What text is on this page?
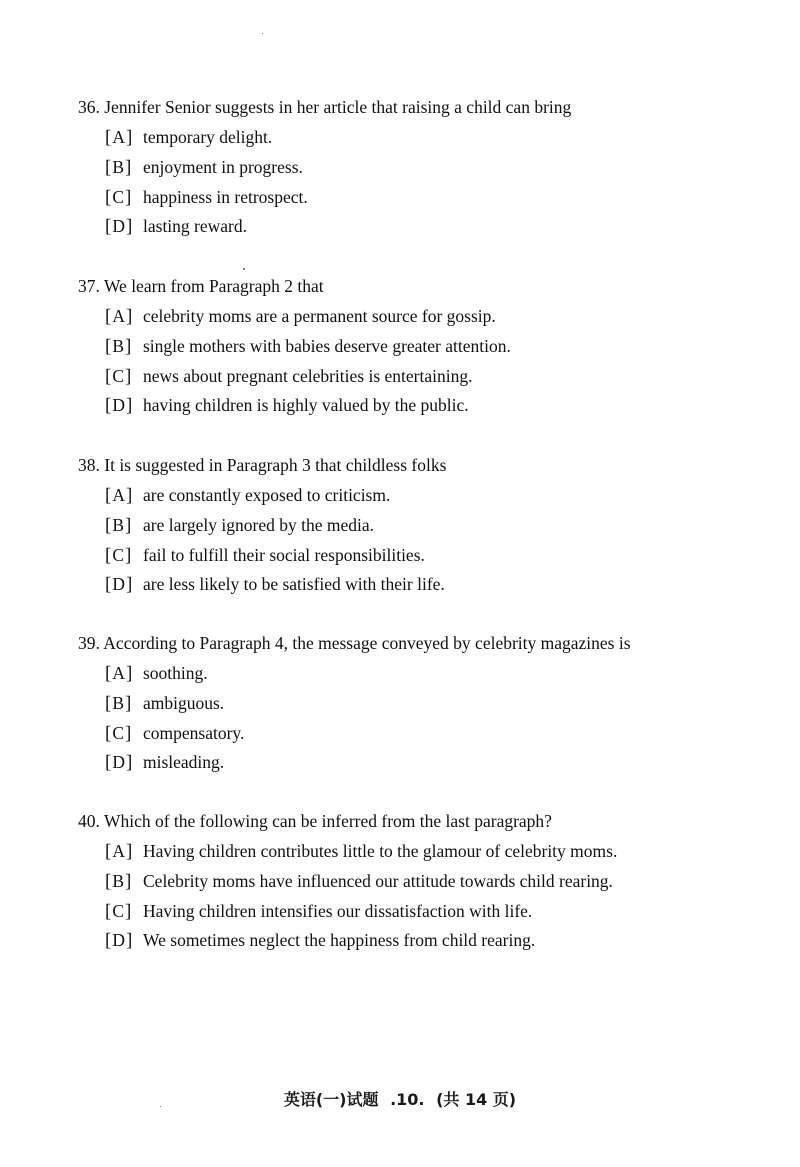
36. Jennifer Senior suggests in her article that raising a child can bring
[A] temporary delight.
[B] enjoyment in progress.
[C] happiness in retrospect.
[D] lasting reward.
37. We learn from Paragraph 2 that
[A] celebrity moms are a permanent source for gossip.
[B] single mothers with babies deserve greater attention.
[C] news about pregnant celebrities is entertaining.
[D] having children is highly valued by the public.
38. It is suggested in Paragraph 3 that childless folks
[A] are constantly exposed to criticism.
[B] are largely ignored by the media.
[C] fail to fulfill their social responsibilities.
[D] are less likely to be satisfied with their life.
39. According to Paragraph 4, the message conveyed by celebrity magazines is
[A] soothing.
[B] ambiguous.
[C] compensatory.
[D] misleading.
40. Which of the following can be inferred from the last paragraph?
[A] Having children contributes little to the glamour of celebrity moms.
[B] Celebrity moms have influenced our attitude towards child rearing.
[C] Having children intensifies our dissatisfaction with life.
[D] We sometimes neglect the happiness from child rearing.
英语(一)试题 .10. (共 14 页)
